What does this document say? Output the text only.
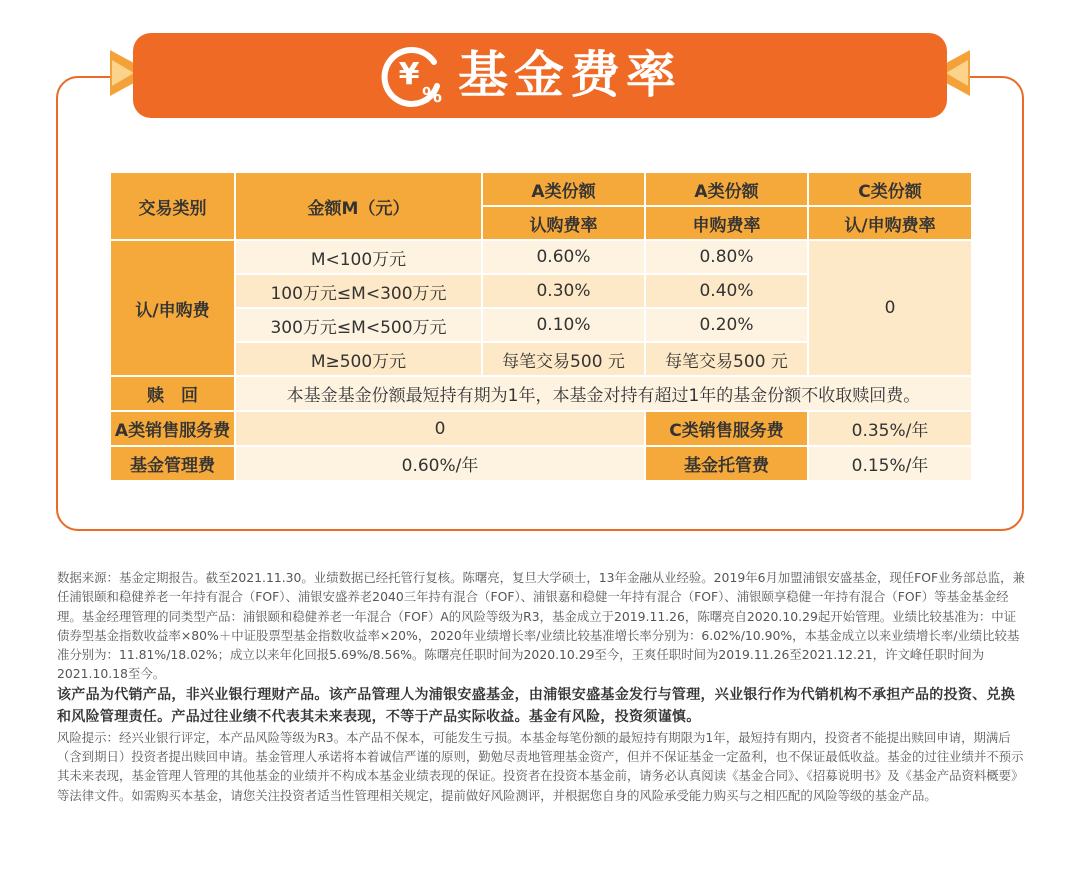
¥
% 基金费率
交易类别	金额M（元）	A类份额	A类份额	C类份额
		认购费率	申购费率	认/申购费率
认/申购费	M<100万元	0.60%	0.80%	0
	100万元≤M<300万元	0.30%	0.40%	
	300万元≤M<500万元	0.10%	0.20%	
	M≥500万元	每笔交易500 元	每笔交易500 元	
赎　回	本基金基金份额最短持有期为1年，本基金对持有超过1年的基金份额不收取赎回费。			
A类销售服务费	0		C类销售服务费	0.35%/年
基金管理费	0.60%/年		基金托管费	0.15%/年

数据来源：基金定期报告。截至2021.11.30。业绩数据已经托管行复核。陈曙亮，复旦大学硕士，13年金融从业经验。2019年6月加盟浦银安盛基金，现任FOF业务部总监，兼任浦银颐和稳健养老一年持有混合（FOF）、浦银安盛养老2040三年持有混合（FOF）、浦银嘉和稳健一年持有混合（FOF）、浦银颐享稳健一年持有混合（FOF）等基金基金经理。基金经理管理的同类型产品：浦银颐和稳健养老一年混合（FOF）A的风险等级为R3，基金成立于2019.11.26，陈曙亮自2020.10.29起开始管理。业绩比较基准为：中证债券型基金指数收益率×80%＋中证股票型基金指数收益率×20%，2020年业绩增长率/业绩比较基准增长率分别为：6.02%/10.90%，本基金成立以来业绩增长率/业绩比较基准分别为：11.81%/18.02%；成立以来年化回报5.69%/8.56%。陈曙亮任职时间为2020.10.29至今，王爽任职时间为2019.11.26至2021.12.21，许文峰任职时间为2021.10.18至今。

该产品为代销产品，非兴业银行理财产品。该产品管理人为浦银安盛基金，由浦银安盛基金发行与管理，兴业银行作为代销机构不承担产品的投资、兑换和风险管理责任。产品过往业绩不代表其未来表现，不等于产品实际收益。基金有风险，投资须谨慎。

风险提示：经兴业银行评定，本产品风险等级为R3。本产品不保本，可能发生亏损。本基金每笔份额的最短持有期限为1年，最短持有期内，投资者不能提出赎回申请，期满后（含到期日）投资者提出赎回申请。基金管理人承诺将本着诚信严谨的原则，勤勉尽责地管理基金资产，但并不保证基金一定盈利，也不保证最低收益。基金的过往业绩并不预示其未来表现，基金管理人管理的其他基金的业绩并不构成本基金业绩表现的保证。投资者在投资本基金前，请务必认真阅读《基金合同》、《招募说明书》及《基金产品资料概要》等法律文件。如需购买本基金，请您关注投资者适当性管理相关规定，提前做好风险测评，并根据您自身的风险承受能力购买与之相匹配的风险等级的基金产品。
